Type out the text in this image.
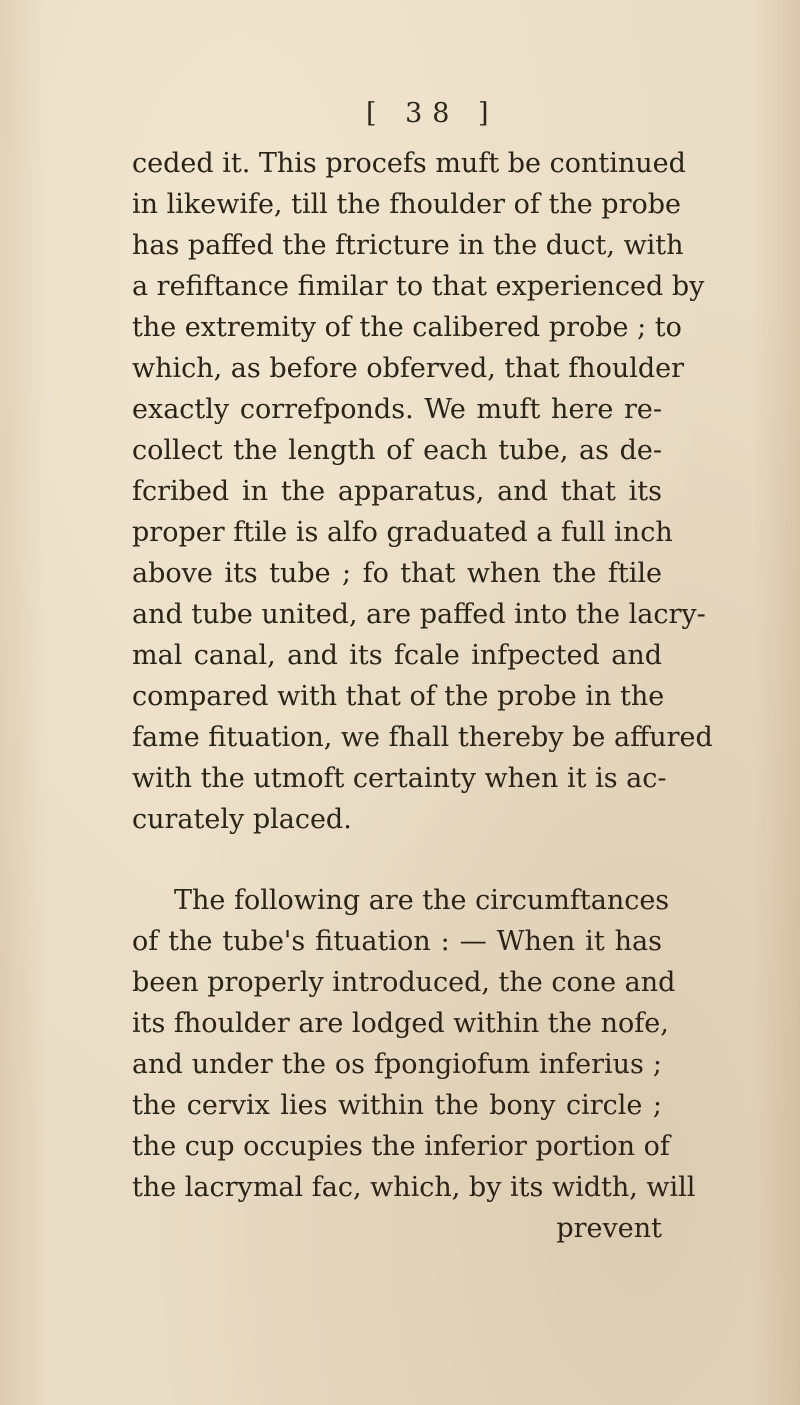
[ 38 ]
ceded it. This procefs muft be continued
in likewife, till the fhoulder of the probe
has paffed the ftricture in the duct, with
a refiftance fimilar to that experienced by
the extremity of the calibered probe ; to
which, as before obferved, that fhoulder
exactly correfponds. We muft here re-
collect the length of each tube, as de-
fcribed in the apparatus, and that its
proper ftile is alfo graduated a full inch
above its tube ; fo that when the ftile
and tube united, are paffed into the lacry-
mal canal, and its fcale infpected and
compared with that of the probe in the
fame fituation, we fhall thereby be affured
with the utmoft certainty when it is ac-
curately placed.
The following are the circumftances
of the tube's fituation : — When it has
been properly introduced, the cone and
its fhoulder are lodged within the nofe,
and under the os fpongiofum inferius ;
the cervix lies within the bony circle ;
the cup occupies the inferior portion of
the lacrymal fac, which, by its width, will
prevent
